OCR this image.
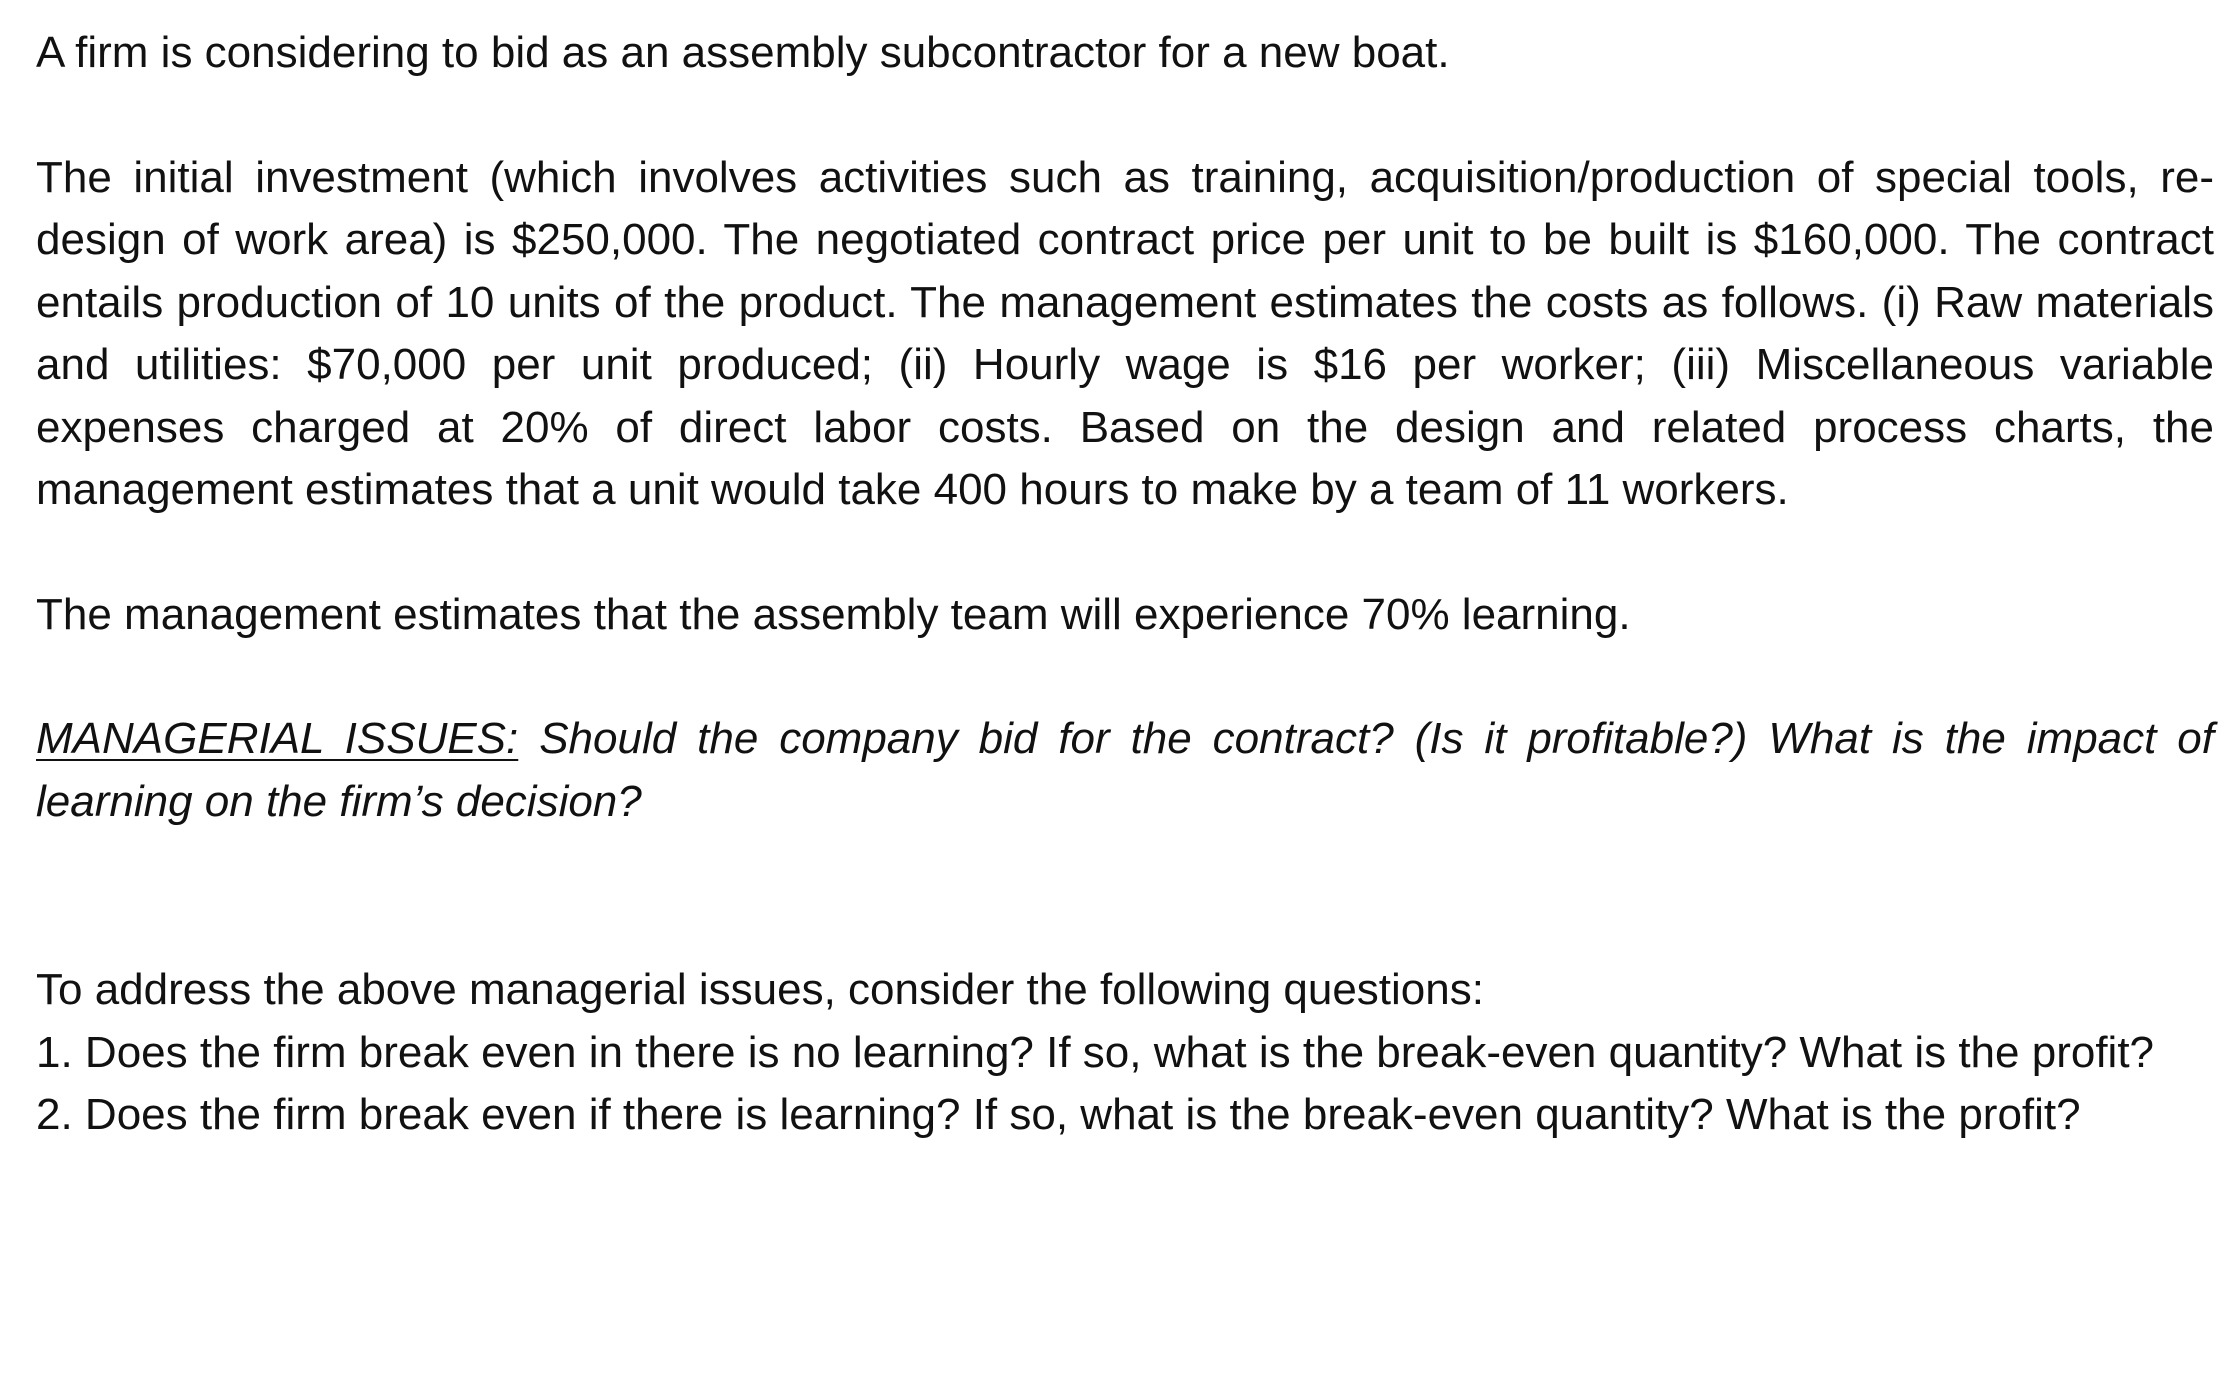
A firm is considering to bid as an assembly subcontractor for a new boat.

The initial investment (which involves activities such as training, acquisition/production of special tools, re-design of work area) is $250,000. The negotiated contract price per unit to be built is $160,000. The contract entails production of 10 units of the product. The management estimates the costs as follows. (i) Raw materials and utilities: $70,000 per unit produced; (ii) Hourly wage is $16 per worker; (iii) Miscellaneous variable expenses charged at 20% of direct labor costs. Based on the design and related process charts, the management estimates that a unit would take 400 hours to make by a team of 11 workers.

The management estimates that the assembly team will experience 70% learning.

MANAGERIAL ISSUES: Should the company bid for the contract? (Is it profitable?) What is the impact of learning on the firm’s decision?

To address the above managerial issues, consider the following questions:

1. Does the firm break even in there is no learning? If so, what is the break-even quantity? What is the profit?
2. Does the firm break even if there is learning? If so, what is the break-even quantity? What is the profit?
